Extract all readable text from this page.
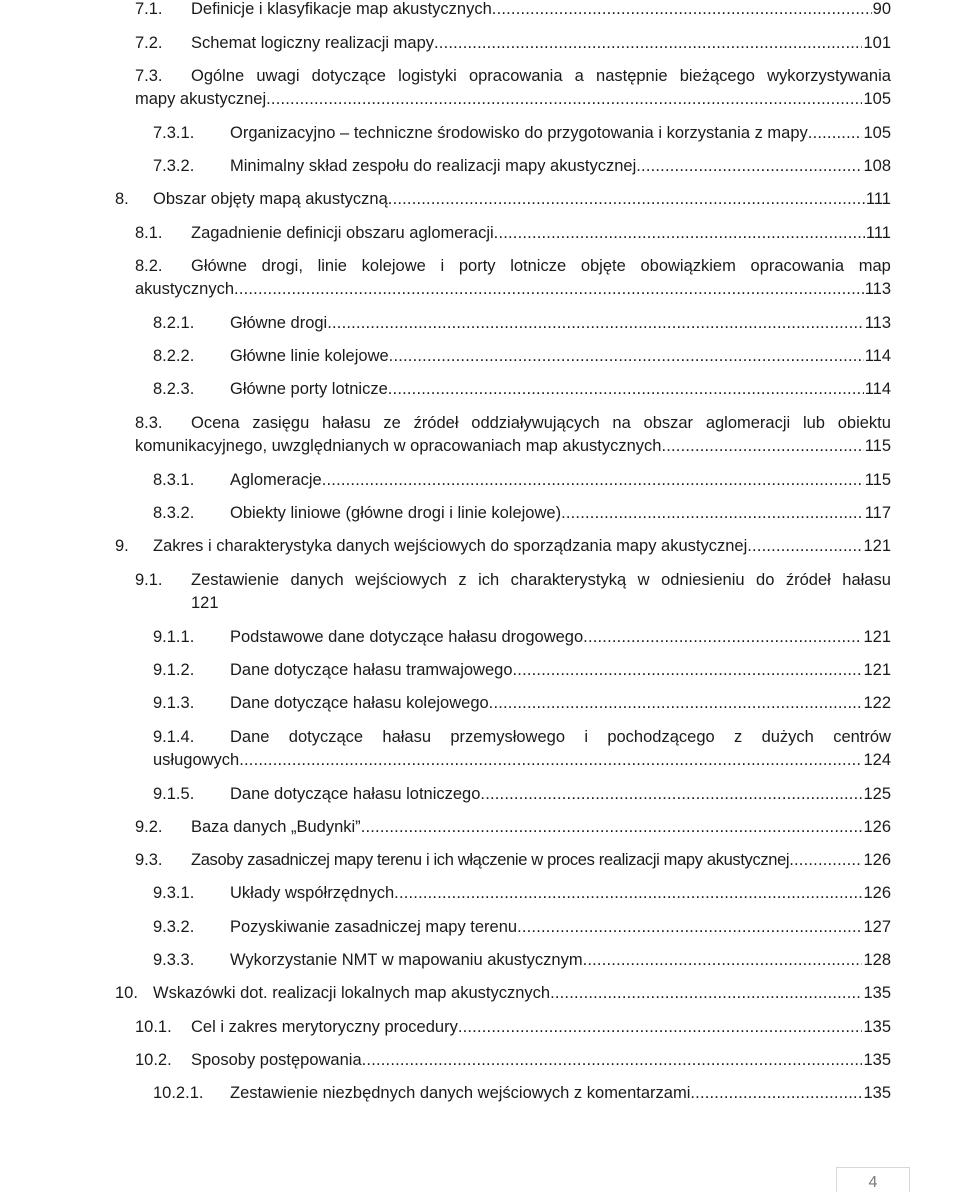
7.1.	Definicje i klasyfikacje map akustycznych .....	90
7.2.	Schemat logiczny realizacji mapy .....	101
7.3.	Ogólne uwagi dotyczące logistyki opracowania a następnie bieżącego wykorzystywania
mapy akustycznej .....	105
7.3.1.	Organizacyjno – techniczne środowisko do przygotowania i korzystania z mapy .....	105
7.3.2.	Minimalny skład zespołu do realizacji mapy akustycznej .....	108
8.	Obszar objęty mapą akustyczną .....	111
8.1.	Zagadnienie definicji obszaru aglomeracji .....	111
8.2.	Główne drogi, linie kolejowe i porty lotnicze objęte obowiązkiem opracowania map
akustycznych .....	113
8.2.1.	Główne drogi .....	113
8.2.2.	Główne linie kolejowe .....	114
8.2.3.	Główne porty lotnicze .....	114
8.3.	Ocena zasięgu hałasu ze źródeł oddziaływujących na obszar aglomeracji lub obiektu
komunikacyjnego, uwzględnianych w opracowaniach map akustycznych .....	115
8.3.1.	Aglomeracje .....	115
8.3.2.	Obiekty liniowe (główne drogi i linie kolejowe) .....	117
9.	Zakres i charakterystyka danych wejściowych do sporządzania mapy akustycznej .....	121
9.1.	Zestawienie danych wejściowych z ich charakterystyką w odniesieniu do źródeł hałasu
121
9.1.1.	Podstawowe dane dotyczące hałasu drogowego .....	121
9.1.2.	Dane dotyczące hałasu tramwajowego .....	121
9.1.3.	Dane dotyczące hałasu kolejowego .....	122
9.1.4.	Dane dotyczące hałasu przemysłowego i pochodzącego z dużych centrów
usługowych .....	124
9.1.5.	Dane dotyczące hałasu lotniczego .....	125
9.2.	Baza danych „Budynki” .....	126
9.3.	Zasoby zasadniczej mapy terenu i ich włączenie w proces realizacji mapy akustycznej .....	126
9.3.1.	Układy współrzędnych .....	126
9.3.2.	Pozyskiwanie zasadniczej mapy terenu .....	127
9.3.3.	Wykorzystanie NMT w mapowaniu akustycznym .....	128
10. Wskazówki dot. realizacji lokalnych map akustycznych .....	135
10.1.	Cel i zakres merytoryczny procedury .....	135
10.2.	Sposoby postępowania .....	135
10.2.1.	Zestawienie niezbędnych danych wejściowych z komentarzami .....	135
4
